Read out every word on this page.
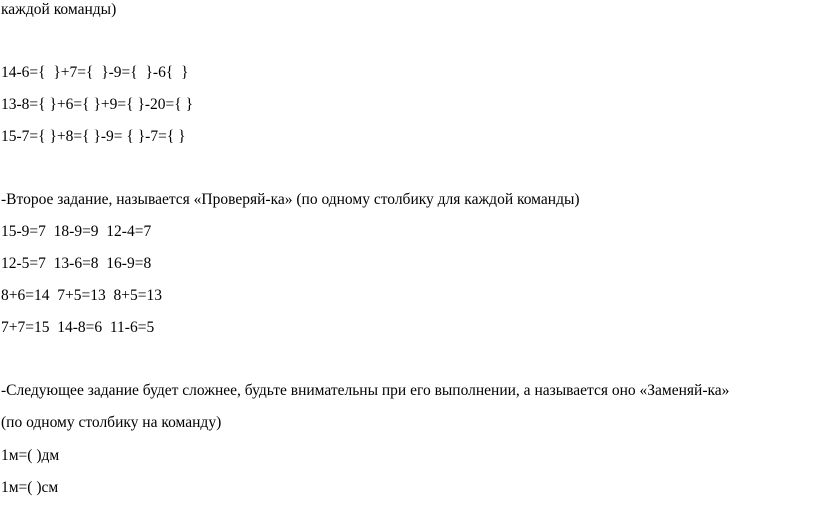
каждой команды)

14-6={  }+7={  }-9={  }-6{  }

13-8={ }+6={ }+9={ }-20={ }

15-7={ }+8={ }-9= { }-7={ }

-Второе задание, называется «Проверяй-ка» (по одному столбику для каждой команды)

15-9=7  18-9=9  12-4=7

12-5=7  13-6=8  16-9=8

8+6=14  7+5=13  8+5=13

7+7=15  14-8=6  11-6=5

-Следующее задание будет сложнее, будьте внимательны при его выполнении, а называется оно «Заменяй-ка»

(по одному столбику на команду)

1м=( )дм

1м=( )см
